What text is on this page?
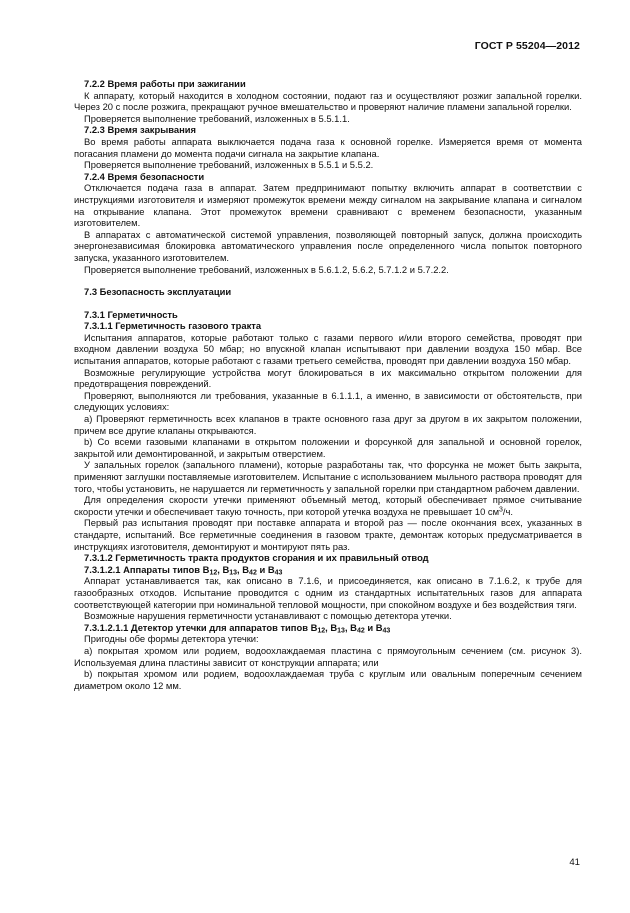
ГОСТ Р 55204—2012
7.2.2 Время работы при зажигании

К аппарату, который находится в холодном состоянии, подают газ и осуществляют розжиг запальной горелки. Через 20 с после розжига, прекращают ручное вмешательство и проверяют наличие пламени запальной горелки.

Проверяется выполнение требований, изложенных в 5.5.1.1.

7.2.3 Время закрывания

Во время работы аппарата выключается подача газа к основной горелке. Измеряется время от момента погасания пламени до момента подачи сигнала на закрытие клапана.

Проверяется выполнение требований, изложенных в 5.5.1 и 5.5.2.

7.2.4 Время безопасности

Отключается подача газа в аппарат. Затем предпринимают попытку включить аппарат в соответствии с инструкциями изготовителя и измеряют промежуток времени между сигналом на закрывание клапана и сигналом на открывание клапана. Этот промежуток времени сравнивают с временем безопасности, указанным изготовителем.

В аппаратах с автоматической системой управления, позволяющей повторный запуск, должна происходить энергонезависимая блокировка автоматического управления после определенного числа попыток повторного запуска, указанного изготовителем.

Проверяется выполнение требований, изложенных в 5.6.1.2, 5.6.2, 5.7.1.2 и 5.7.2.2.

7.3 Безопасность эксплуатации
7.3.1 Герметичность
7.3.1.1 Герметичность газового тракта

Испытания аппаратов, которые работают только с газами первого и/или второго семейства, проводят при входном давлении воздуха 50 мбар; но впускной клапан испытывают при давлении воздуха 150 мбар. Все испытания аппаратов, которые работают с газами третьего семейства, проводят при давлении воздуха 150 мбар.

Возможные регулирующие устройства могут блокироваться в их максимально открытом положении для предотвращения повреждений.

Проверяют, выполняются ли требования, указанные в 6.1.1.1, а именно, в зависимости от обстоятельств, при следующих условиях:

а) Проверяют герметичность всех клапанов в тракте основного газа друг за другом в их закрытом положении, причем все другие клапаны открываются.

b) Со всеми газовыми клапанами в открытом положении и форсункой для запальной и основной горелок, закрытой или демонтированной, и закрытым отверстием.

У запальных горелок (запального пламени), которые разработаны так, что форсунка не может быть закрыта, применяют заглушки поставляемые изготовителем. Испытание с использованием мыльного раствора проводят для того, чтобы установить, не нарушается ли герметичность у запальной горелки при стандартном рабочем давлении.

Для определения скорости утечки применяют объемный метод, который обеспечивает прямое считывание скорости утечки и обеспечивает такую точность, при которой утечка воздуха не превышает 10 $см^3/ч$.

Первый раз испытания проводят при поставке аппарата и второй раз — после окончания всех, указанных в стандарте, испытаний. Все герметичные соединения в газовом тракте, демонтаж которых предусматривается в инструкциях изготовителя, демонтируют и монтируют пять раз.

7.3.1.2 Герметичность тракта продуктов сгорания и их правильный отвод
7.3.1.2.1 Аппараты типов $B_{12}$, $B_{13}$, $B_{42}$ и $B_{43}$

Аппарат устанавливается так, как описано в 7.1.6, и присоединяется, как описано в 7.1.6.2, к трубе для газообразных отходов. Испытание проводится с одним из стандартных испытательных газов для аппарата соответствующей категории при номинальной тепловой мощности, при спокойном воздухе и без воздействия тяги.

Возможные нарушения герметичности устанавливают с помощью детектора утечки.

7.3.1.2.1.1 Детектор утечки для аппаратов типов $B_{12}$, $B_{13}$, $B_{42}$ и $B_{43}$

Пригодны обе формы детектора утечки:

а) покрытая хромом или родием, водоохлаждаемая пластина с прямоугольным сечением (см. рисунок 3). Используемая длина пластины зависит от конструкции аппарата; или

b) покрытая хромом или родием, водоохлаждаемая труба с круглым или овальным поперечным сечением диаметром около 12 мм.

41
